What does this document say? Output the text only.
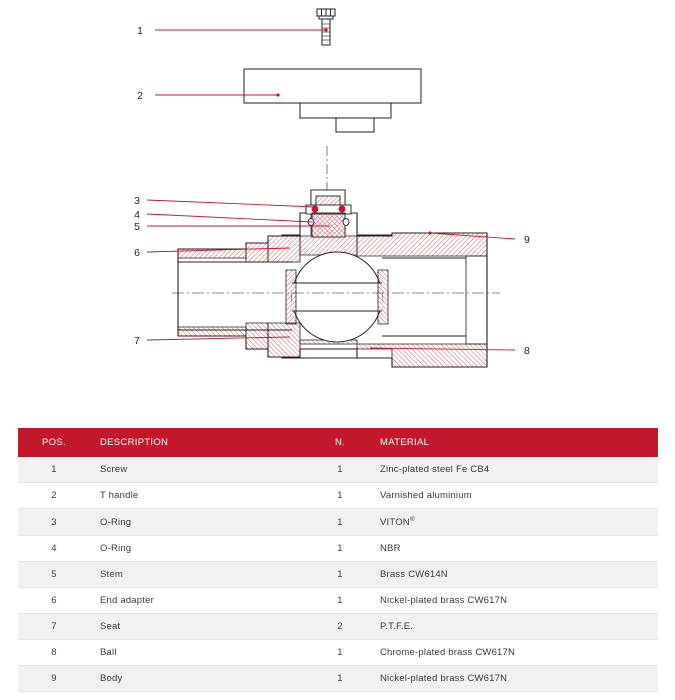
1
2
3
4
5
6
7
8
9
POS.	DESCRIPTION	N.	MATERIAL
1	Screw	1	Zinc-plated steel Fe CB4
2	T handle	1	Varnished aluminium
3	O-Ring	1	VITON®
4	O-Ring	1	NBR
5	Stem	1	Brass CW614N
6	End adapter	1	Nickel-plated brass CW617N
7	Seat	2	P.T.F.E.
8	Ball	1	Chrome-plated brass CW617N
9	Body	1	Nickel-plated brass CW617N
